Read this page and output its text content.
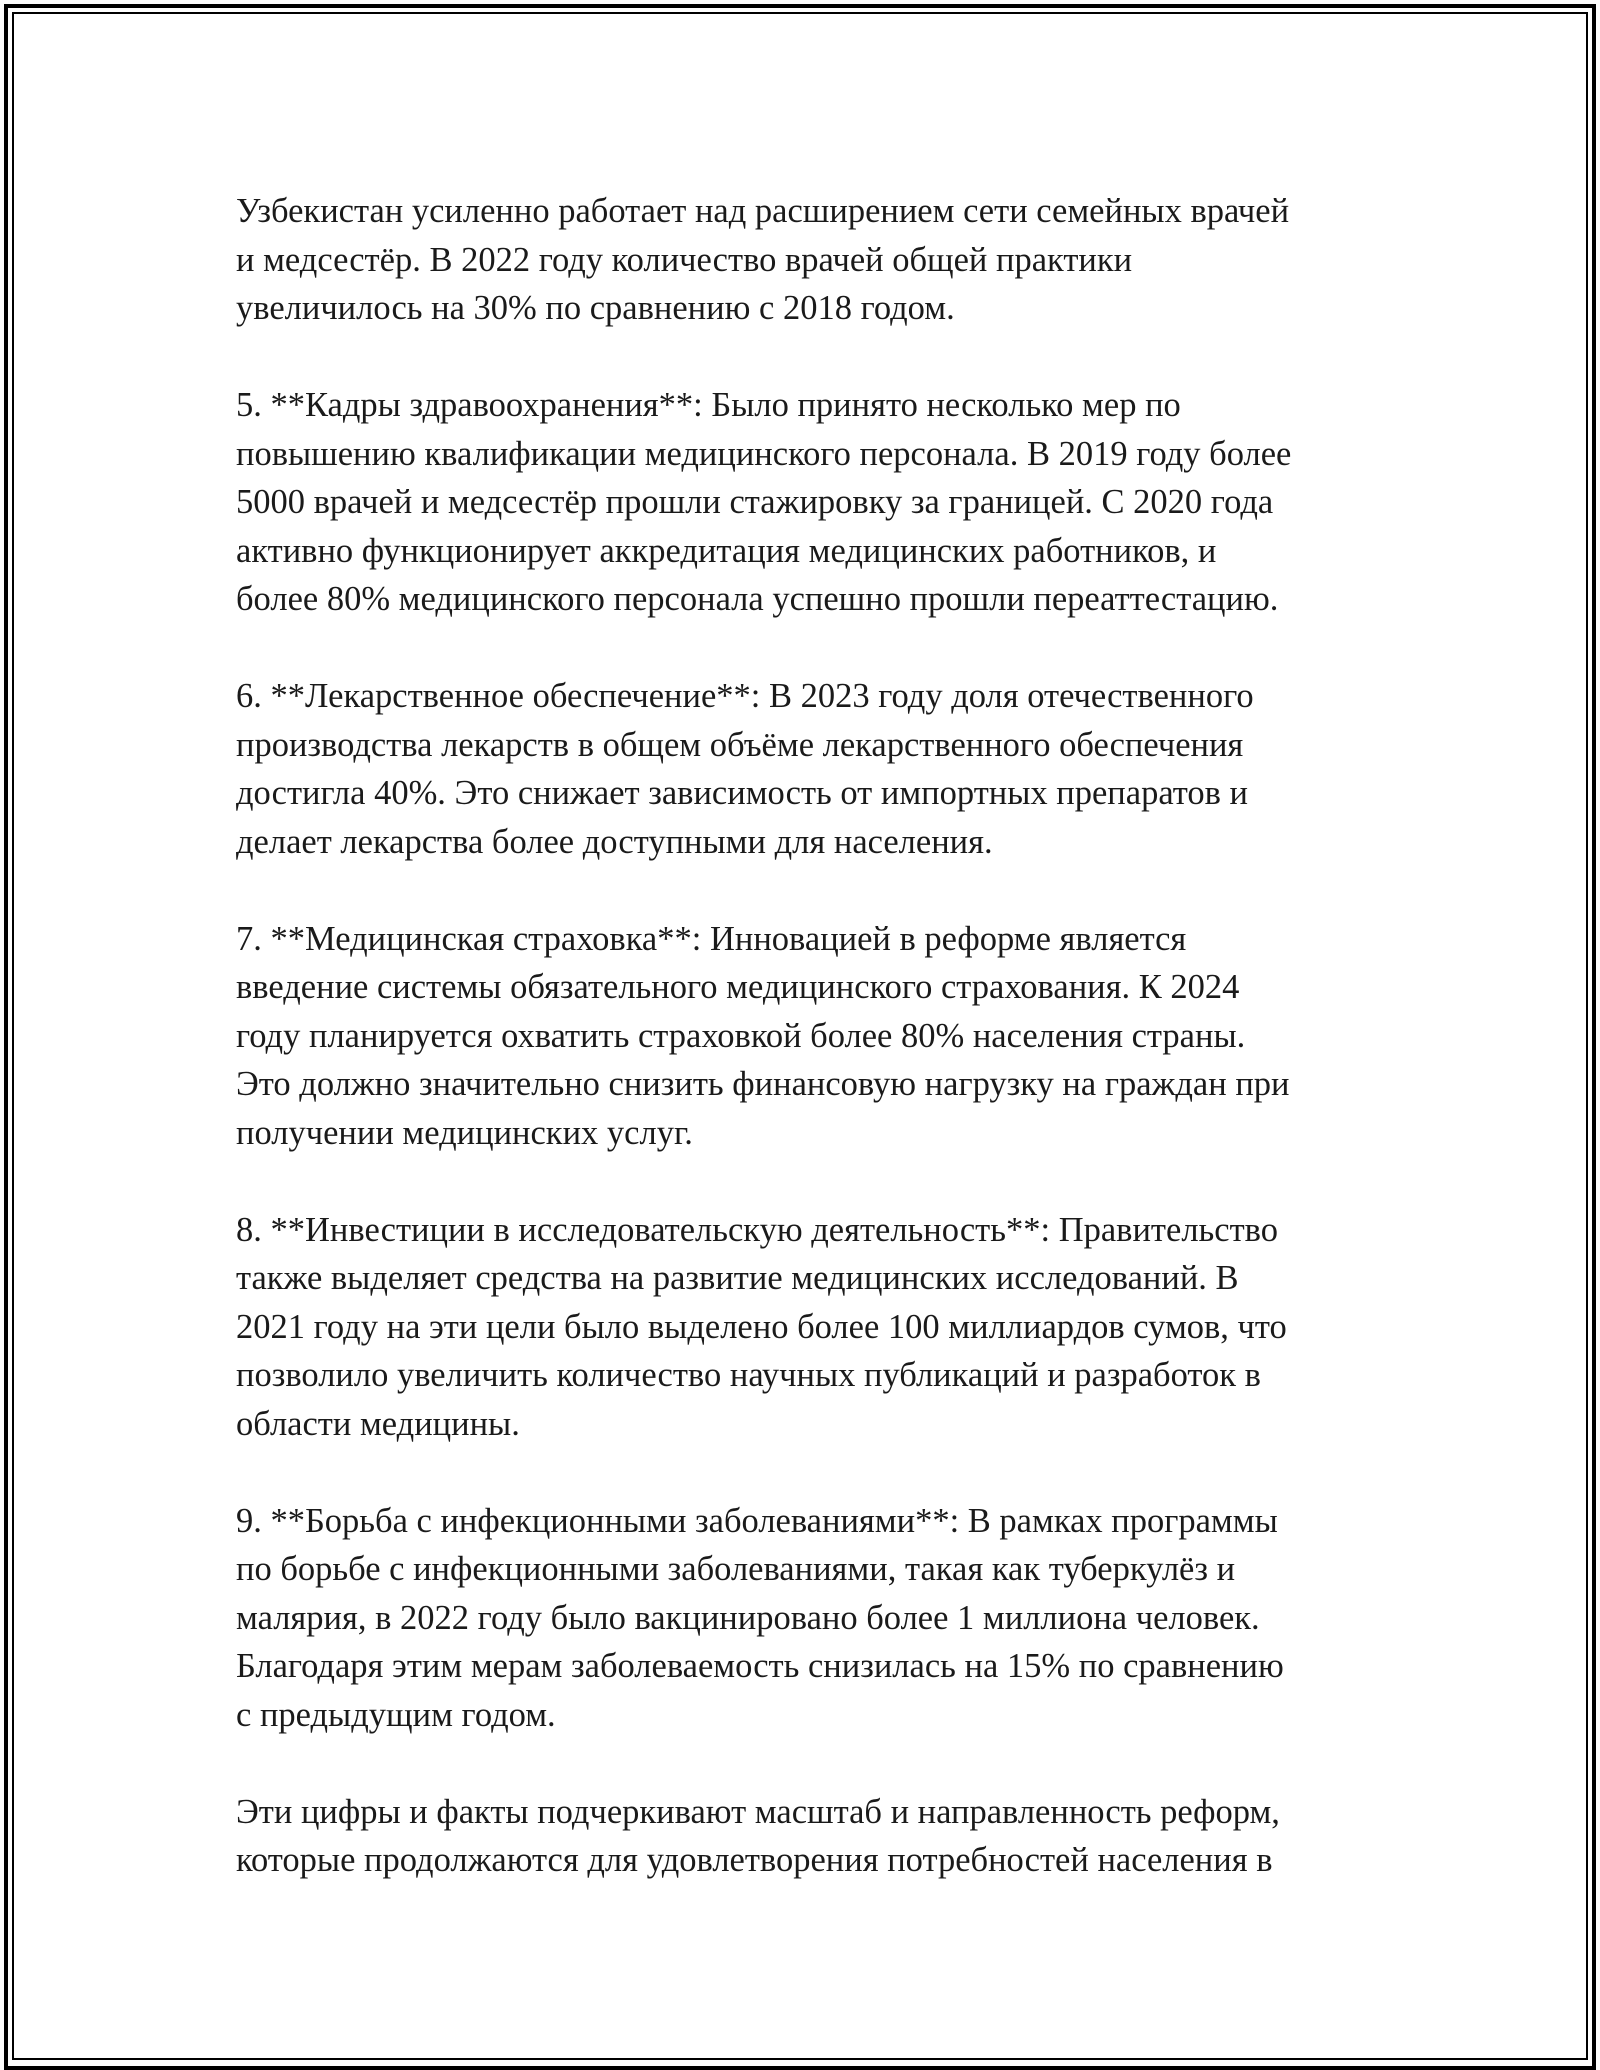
Узбекистан усиленно работает над расширением сети семейных врачей
и медсестёр. В 2022 году количество врачей общей практики
увеличилось на 30% по сравнению с 2018 годом.

5. **Кадры здравоохранения**: Было принято несколько мер по
повышению квалификации медицинского персонала. В 2019 году более
5000 врачей и медсестёр прошли стажировку за границей. С 2020 года
активно функционирует аккредитация медицинских работников, и
более 80% медицинского персонала успешно прошли переаттестацию.

6. **Лекарственное обеспечение**: В 2023 году доля отечественного
производства лекарств в общем объёме лекарственного обеспечения
достигла 40%. Это снижает зависимость от импортных препаратов и
делает лекарства более доступными для населения.

7. **Медицинская страховка**: Инновацией в реформе является
введение системы обязательного медицинского страхования. К 2024
году планируется охватить страховкой более 80% населения страны.
Это должно значительно снизить финансовую нагрузку на граждан при
получении медицинских услуг.

8. **Инвестиции в исследовательскую деятельность**: Правительство
также выделяет средства на развитие медицинских исследований. В
2021 году на эти цели было выделено более 100 миллиардов сумов, что
позволило увеличить количество научных публикаций и разработок в
области медицины.

9. **Борьба с инфекционными заболеваниями**: В рамках программы
по борьбе с инфекционными заболеваниями, такая как туберкулёз и
малярия, в 2022 году было вакцинировано более 1 миллиона человек.
Благодаря этим мерам заболеваемость снизилась на 15% по сравнению
с предыдущим годом.

Эти цифры и факты подчеркивают масштаб и направленность реформ,
которые продолжаются для удовлетворения потребностей населения в
